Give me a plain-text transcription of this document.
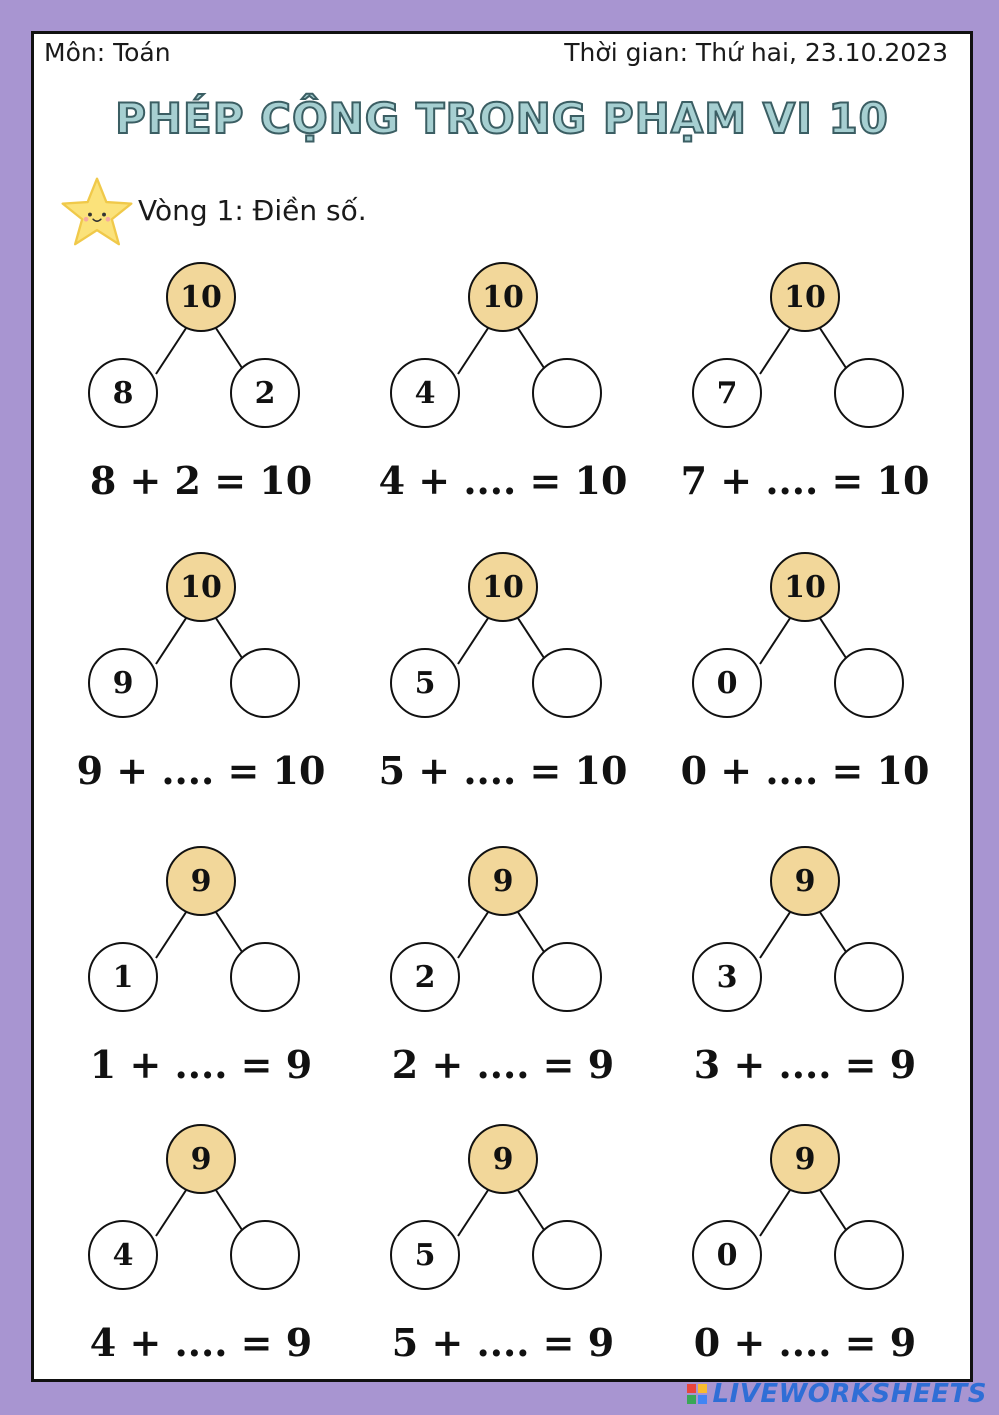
Môn: Toán	Thời gian: Thứ hai, 23.10.2023
PHÉP CỘNG TRONG PHẠM VI 10
Vòng 1: Điền số.
10
8	2
8 + 2 = 10
10
4
4 + .... = 10
10
7
7 + .... = 10
10
9
9 + .... = 10
10
5
5 + .... = 10
10
0
0 + .... = 10
9
1
1 + .... = 9
9
2
2 + .... = 9
9
3
3 + .... = 9
9
4
4 + .... = 9
9
5
5 + .... = 9
9
0
0 + .... = 9
LIVEWORKSHEETS
